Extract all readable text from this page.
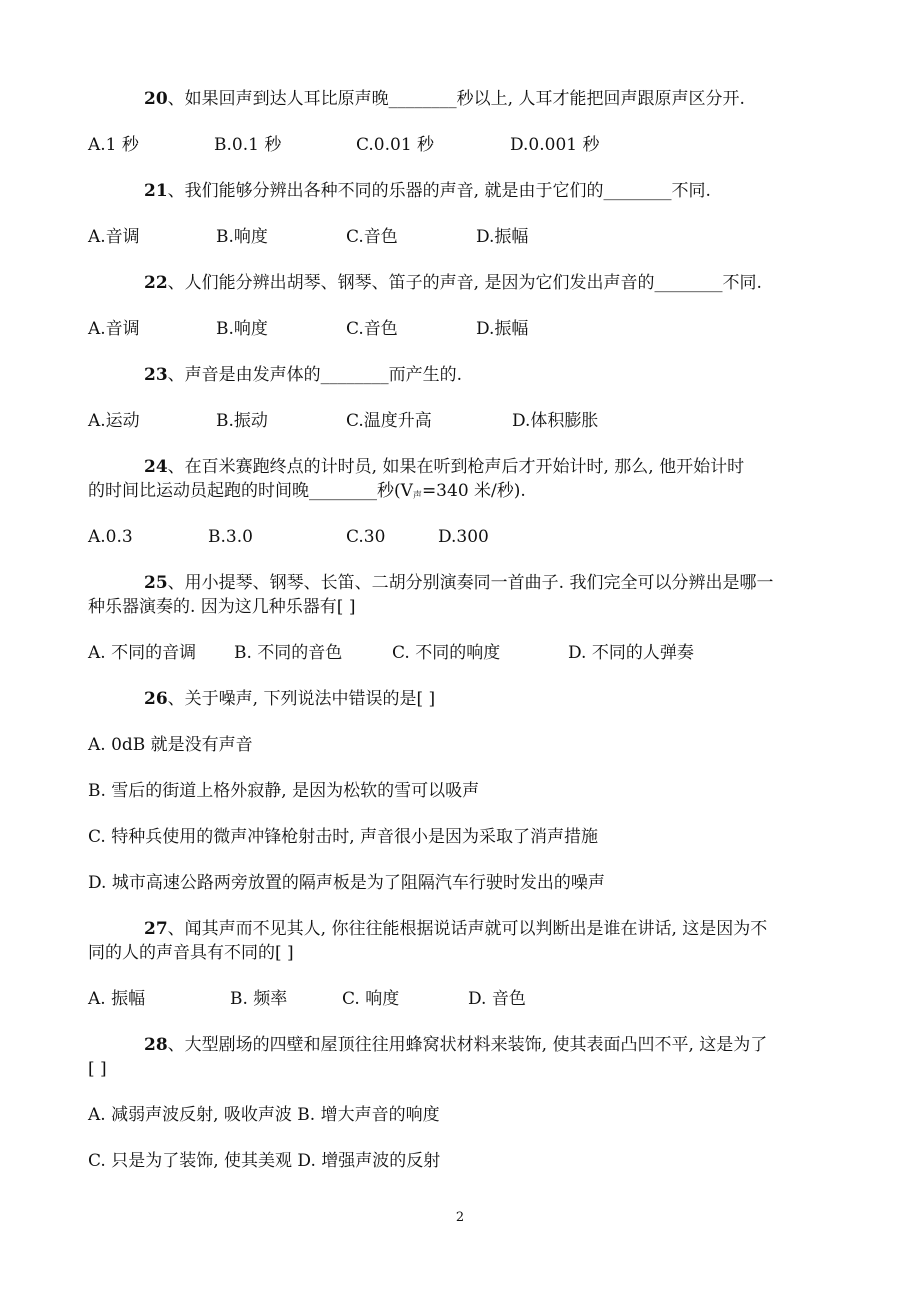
20、如果回声到达人耳比原声晚________秒以上, 人耳才能把回声跟原声区分开.
A.1 秒	B.0.1 秒	C.0.01 秒	D.0.001 秒
21、我们能够分辨出各种不同的乐器的声音, 就是由于它们的________不同.
A.音调	B.响度	C.音色	D.振幅
22、人们能分辨出胡琴、钢琴、笛子的声音, 是因为它们发出声音的________不同.
A.音调	B.响度	C.音色	D.振幅
23、声音是由发声体的________而产生的.
A.运动	B.振动	C.温度升高	D.体积膨胀
24、在百米赛跑终点的计时员, 如果在听到枪声后才开始计时, 那么, 他开始计时
的时间比运动员起跑的时间晚________秒($V_声=340$ 米/秒).
A.0.3	B.3.0	C.30	D.300
25、用小提琴、钢琴、长笛、二胡分别演奏同一首曲子. 我们完全可以分辨出是哪一
种乐器演奏的. 因为这几种乐器有[ ]
A. 不同的音调 B. 不同的音色	C. 不同的响度	D. 不同的人弹奏
26、关于噪声, 下列说法中错误的是[ ]
A. 0dB 就是没有声音
B. 雪后的街道上格外寂静, 是因为松软的雪可以吸声
C. 特种兵使用的微声冲锋枪射击时, 声音很小是因为采取了消声措施
D. 城市高速公路两旁放置的隔声板是为了阻隔汽车行驶时发出的噪声
27、闻其声而不见其人, 你往往能根据说话声就可以判断出是谁在讲话, 这是因为不
同的人的声音具有不同的[ ]
A. 振幅	B. 频率	C. 响度	D. 音色
28、大型剧场的四壁和屋顶往往用蜂窝状材料来装饰, 使其表面凸凹不平, 这是为了
[ ]
A. 减弱声波反射, 吸收声波 B. 增大声音的响度
C. 只是为了装饰, 使其美观 D. 增强声波的反射
2
